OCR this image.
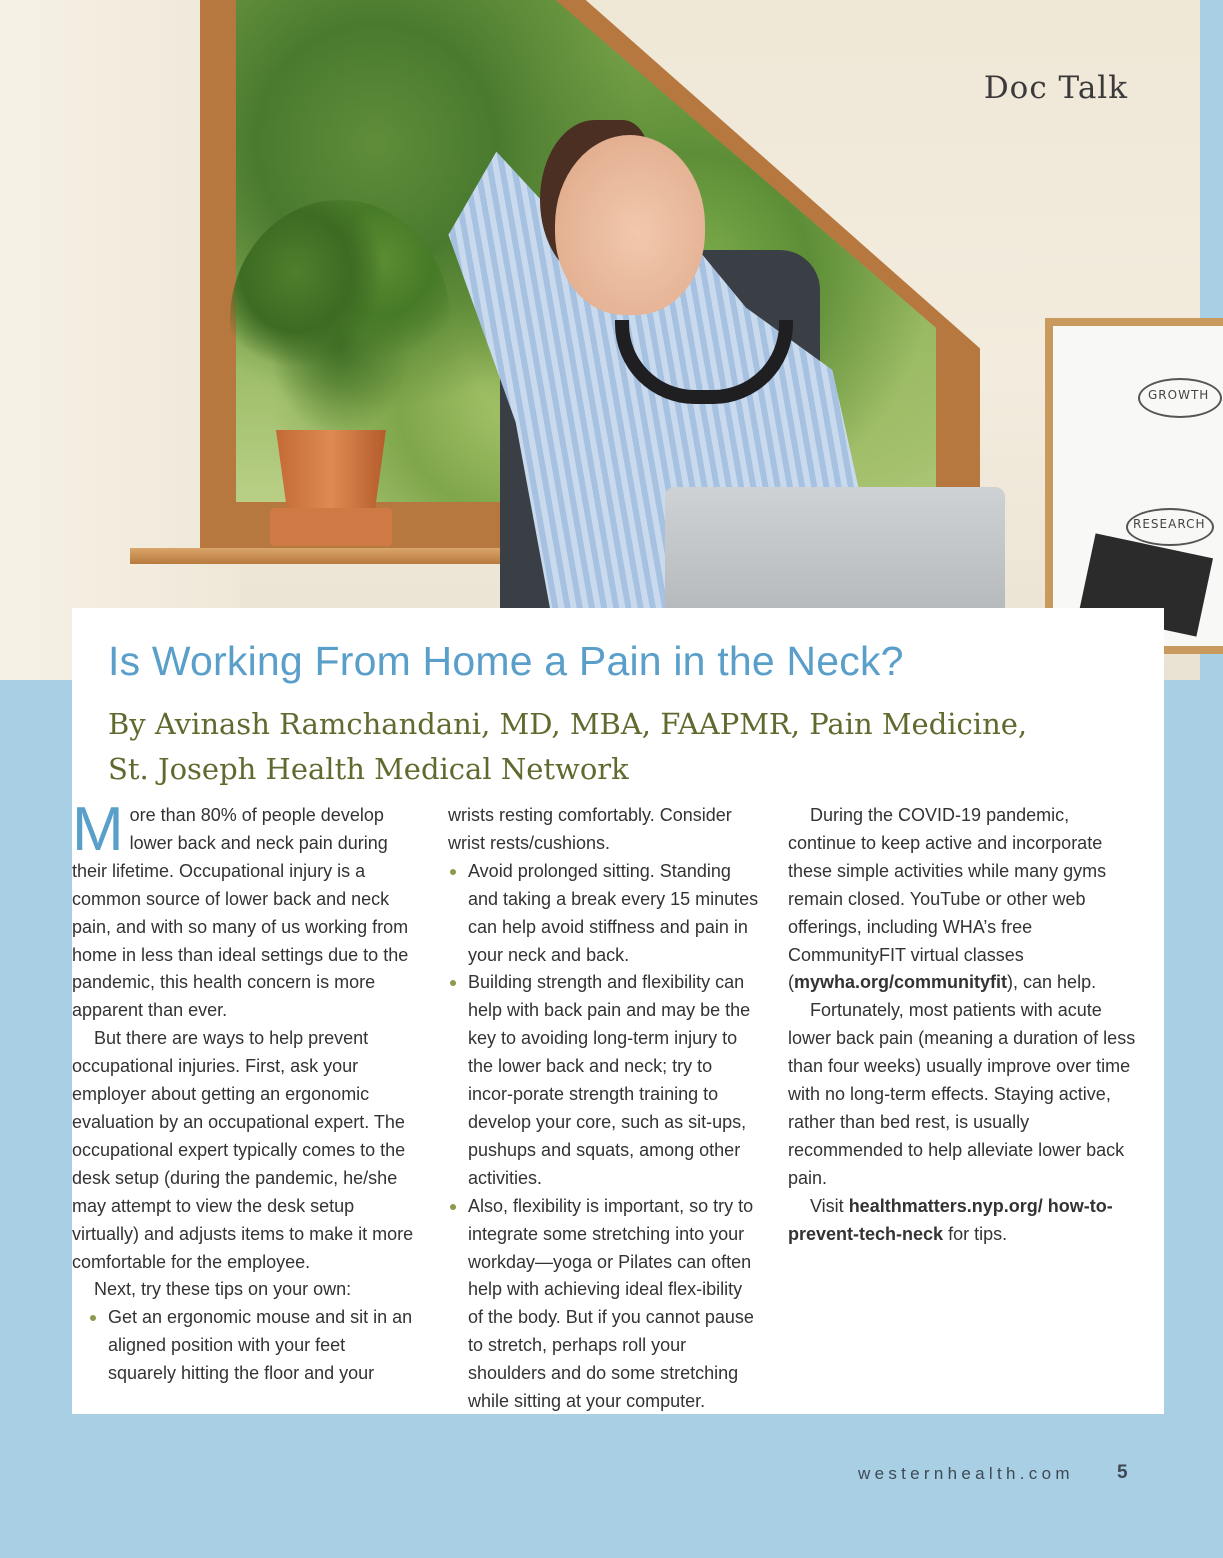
GROWTH
RESEARCH
Doc Talk
Is Working From Home a Pain in the Neck?
By Avinash Ramchandani, MD, MBA, FAAPMR, Pain Medicine,
St. Joseph Health Medical Network

More than 80% of people develop lower back and neck pain during their lifetime. Occupational injury is a common source of lower back and neck pain, and with so many of us working from home in less than ideal settings due to the pandemic, this health concern is more apparent than ever.

But there are ways to help prevent occupational injuries. First, ask your employer about getting an ergonomic evaluation by an occupational expert. The occupational expert typically comes to the desk setup (during the pandemic, he/she may attempt to view the desk setup virtually) and adjusts items to make it more comfortable for the employee.

Next, try these tips on your own:

Get an ergonomic mouse and sit in an aligned position with your feet squarely hitting the floor and your
wrists resting comfortably. Consider wrist rests/cushions.
Avoid prolonged sitting. Standing and taking a break every 15 minutes can help avoid stiffness and pain in your neck and back.
Building strength and flexibility can help with back pain and may be the key to avoiding long-term injury to the lower back and neck; try to incor-porate strength training to develop your core, such as sit-ups, pushups and squats, among other activities.
Also, flexibility is important, so try to integrate some stretching into your workday—yoga or Pilates can often help with achieving ideal flex-ibility of the body. But if you cannot pause to stretch, perhaps roll your shoulders and do some stretching while sitting at your computer.

During the COVID-19 pandemic, continue to keep active and incorporate these simple activities while many gyms remain closed. YouTube or other web offerings, including WHA’s free CommunityFIT virtual classes (mywha.org/communityfit), can help.

Fortunately, most patients with acute lower back pain (meaning a duration of less than four weeks) usually improve over time with no long-term effects. Staying active, rather than bed rest, is usually recommended to help alleviate lower back pain.

Visit healthmatters.nyp.org/ how-to-prevent-tech-neck for tips.

westernhealth.com 5
